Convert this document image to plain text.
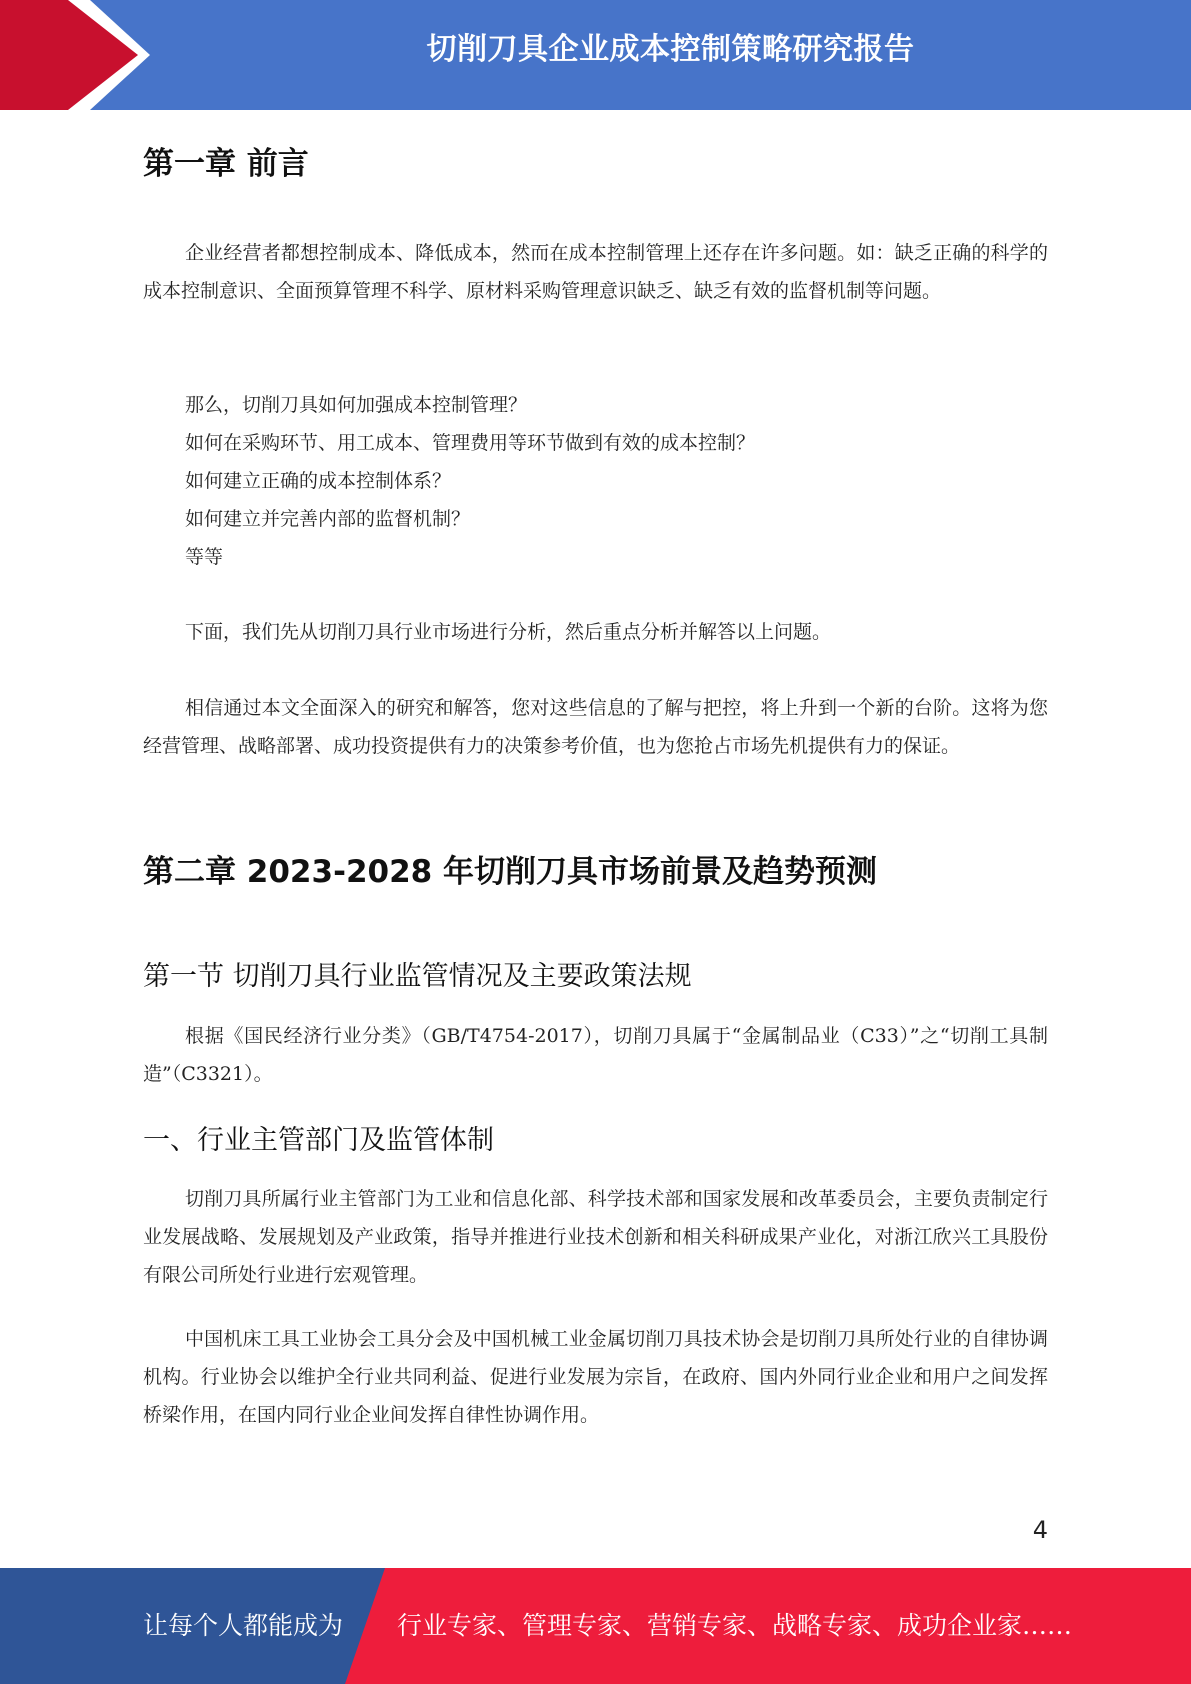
切削刀具企业成本控制策略研究报告
第一章 前言

企业经营者都想控制成本、降低成本，然而在成本控制管理上还存在许多问题。如：缺乏正确的科学的成本控制意识、全面预算管理不科学、原材料采购管理意识缺乏、缺乏有效的监督机制等问题。

那么，切削刀具如何加强成本控制管理？
如何在采购环节、用工成本、管理费用等环节做到有效的成本控制？
如何建立正确的成本控制体系？
如何建立并完善内部的监督机制？
等等

下面，我们先从切削刀具行业市场进行分析，然后重点分析并解答以上问题。

相信通过本文全面深入的研究和解答，您对这些信息的了解与把控，将上升到一个新的台阶。这将为您经营管理、战略部署、成功投资提供有力的决策参考价值，也为您抢占市场先机提供有力的保证。

第二章 2023-2028 年切削刀具市场前景及趋势预测
第一节 切削刀具行业监管情况及主要政策法规

根据《国民经济行业分类》（GB/T4754-2017），切削刀具属于“金属制品业（C33）”之“切削工具制造”（C3321）。

一、行业主管部门及监管体制

切削刀具所属行业主管部门为工业和信息化部、科学技术部和国家发展和改革委员会，主要负责制定行业发展战略、发展规划及产业政策，指导并推进行业技术创新和相关科研成果产业化，对浙江欣兴工具股份有限公司所处行业进行宏观管理。

中国机床工具工业协会工具分会及中国机械工业金属切削刀具技术协会是切削刀具所处行业的自律协调机构。行业协会以维护全行业共同利益、促进行业发展为宗旨，在政府、国内外同行业企业和用户之间发挥桥梁作用，在国内同行业企业间发挥自律性协调作用。

4
让每个人都能成为 行业专家、管理专家、营销专家、战略专家、成功企业家……
